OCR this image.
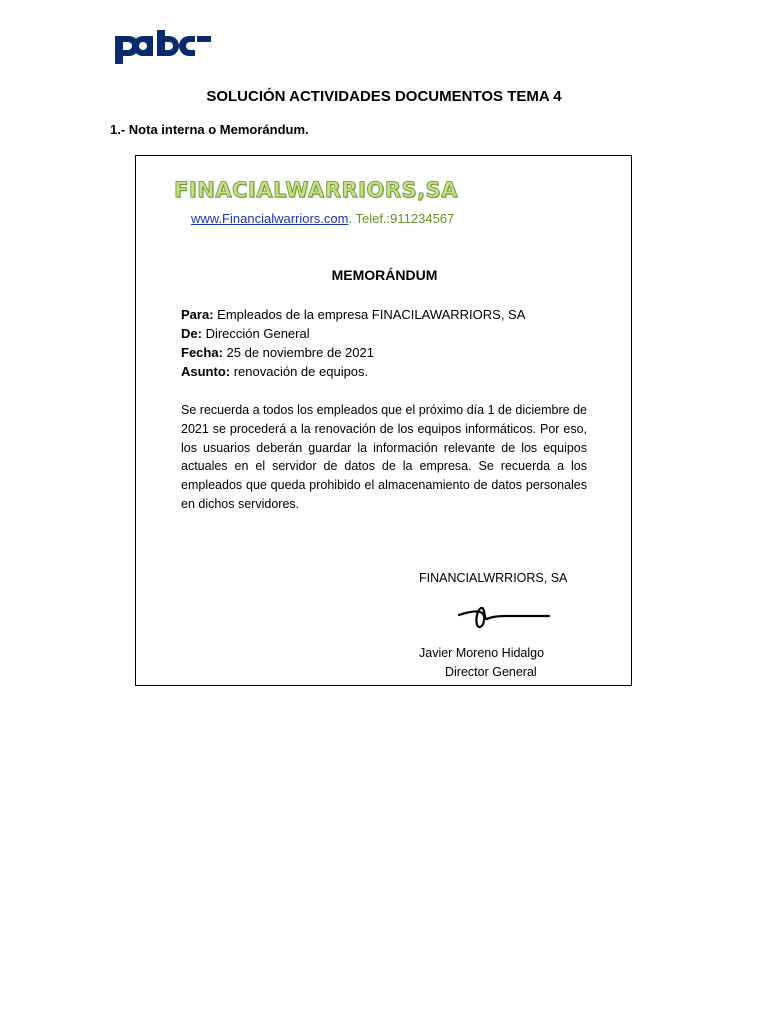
SOLUCIÓN ACTIVIDADES DOCUMENTOS TEMA 4
1.- Nota interna o Memorándum.
FINACIALWARRIORS,SA
www.Financialwarriors.com. Telef.:911234567
MEMORÁNDUM
Para: Empleados de la empresa FINACILAWARRIORS, SA
De: Dirección General
Fecha: 25 de noviembre de 2021
Asunto: renovación de equipos.
Se recuerda a todos los empleados que el próximo día 1 de diciembre de 2021 se procederá a la renovación de los equipos informáticos. Por eso, los usuarios deberán guardar la información relevante de los equipos actuales en el servidor de datos de la empresa. Se recuerda a los empleados que queda prohibido el almacenamiento de datos personales en dichos servidores.
FINANCIALWRRIORS, SA
Javier Moreno Hidalgo
Director General
